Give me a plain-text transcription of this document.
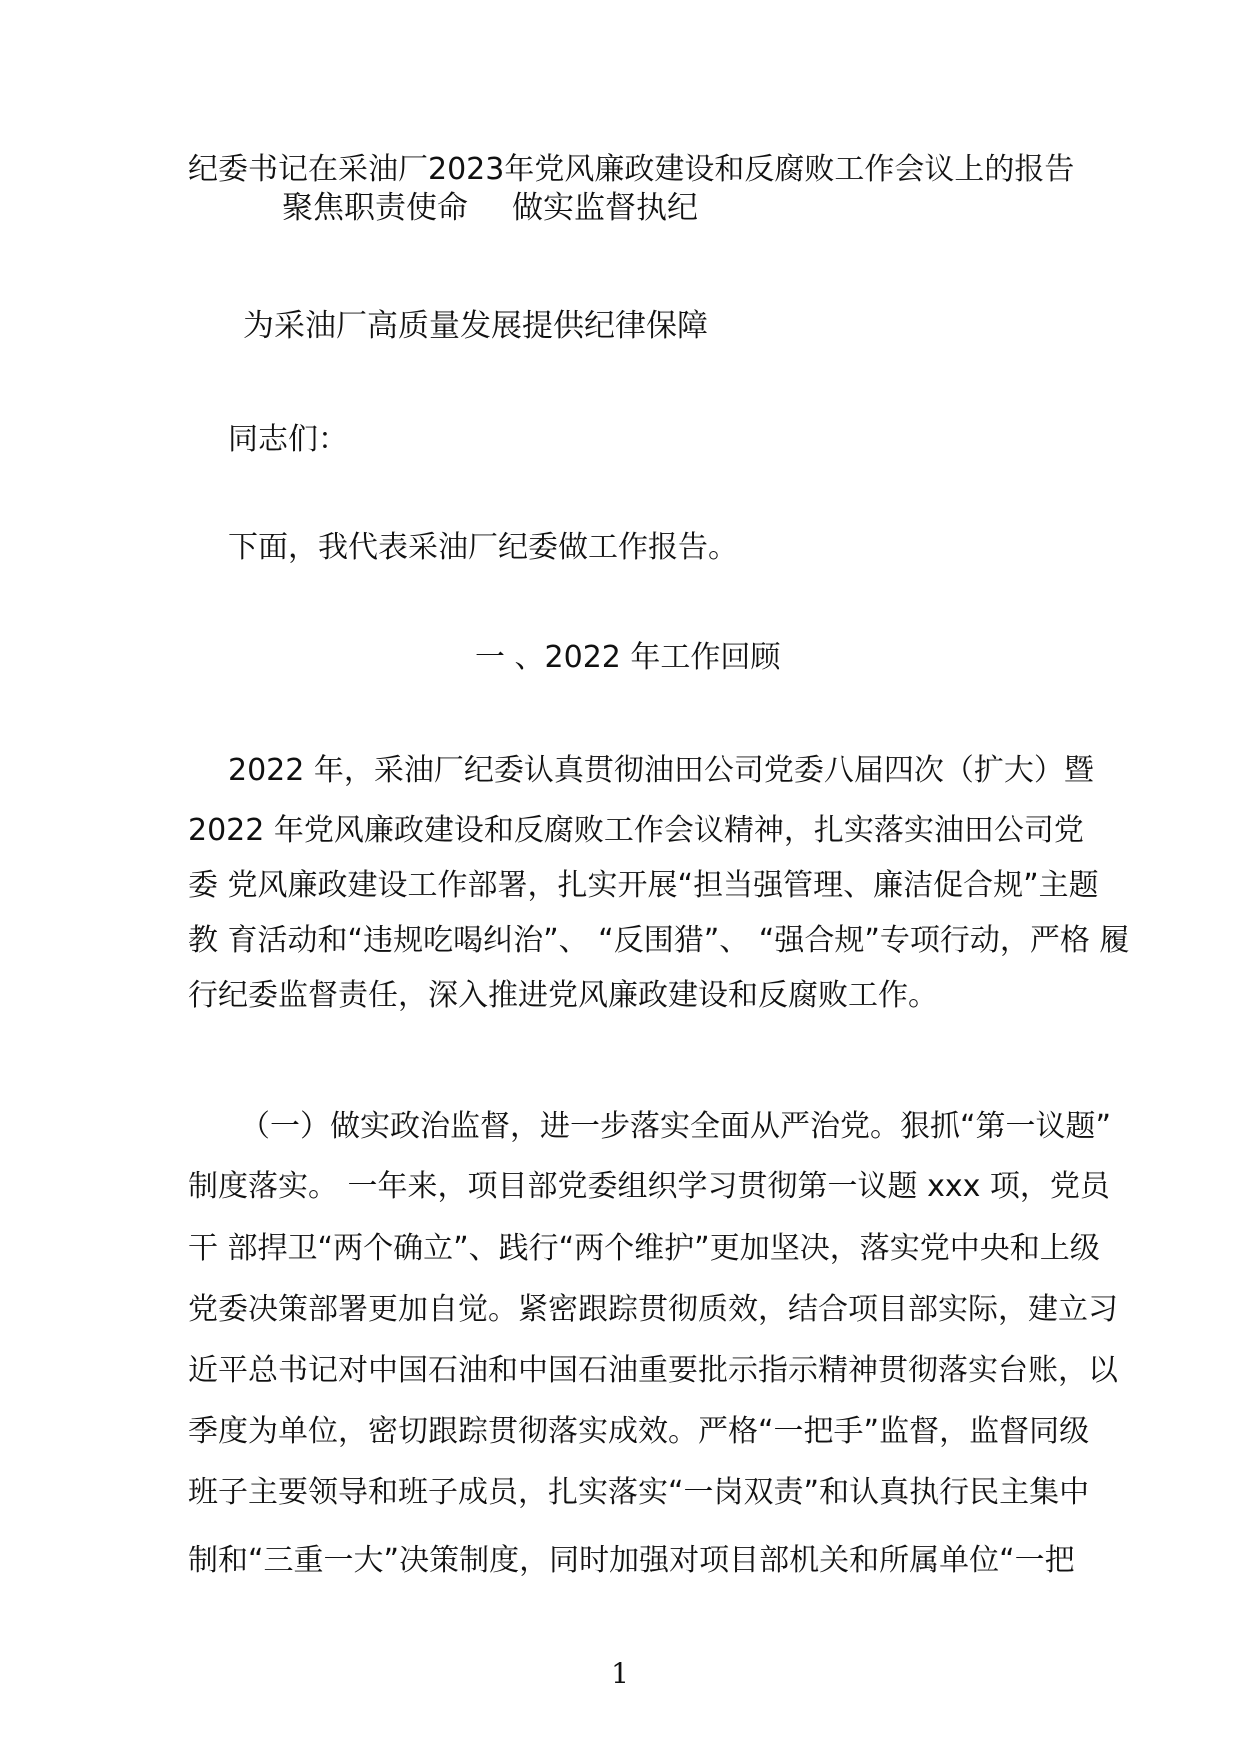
纪委书记在采油厂2023年党风廉政建设和反腐败工作会议上的报告
聚焦职责使命 做实监督执纪
为采油厂高质量发展提供纪律保障
同志们：
下面，我代表采油厂纪委做工作报告。
一 、2022 年工作回顾
2022 年，采油厂纪委认真贯彻油田公司党委八届四次（扩大）暨
2022 年党风廉政建设和反腐败工作会议精神，扎实落实油田公司党
委 党风廉政建设工作部署，扎实开展“担当强管理、廉洁促合规”主题
教 育活动和“违规吃喝纠治”、 “反围猎”、 “强合规”专项行动，严格 履
行纪委监督责任，深入推进党风廉政建设和反腐败工作。
（一）做实政治监督，进一步落实全面从严治党。狠抓“第一议题”
制度落实。 一年来，项目部党委组织学习贯彻第一议题 xxx 项，党员
干 部捍卫“两个确立”、践行“两个维护”更加坚决，落实党中央和上级
党委决策部署更加自觉。紧密跟踪贯彻质效，结合项目部实际，建立习
近平总书记对中国石油和中国石油重要批示指示精神贯彻落实台账，以
季度为单位，密切跟踪贯彻落实成效。严格“一把手”监督，监督同级
班子主要领导和班子成员，扎实落实“一岗双责”和认真执行民主集中
制和“三重一大”决策制度，同时加强对项目部机关和所属单位“一把
1
